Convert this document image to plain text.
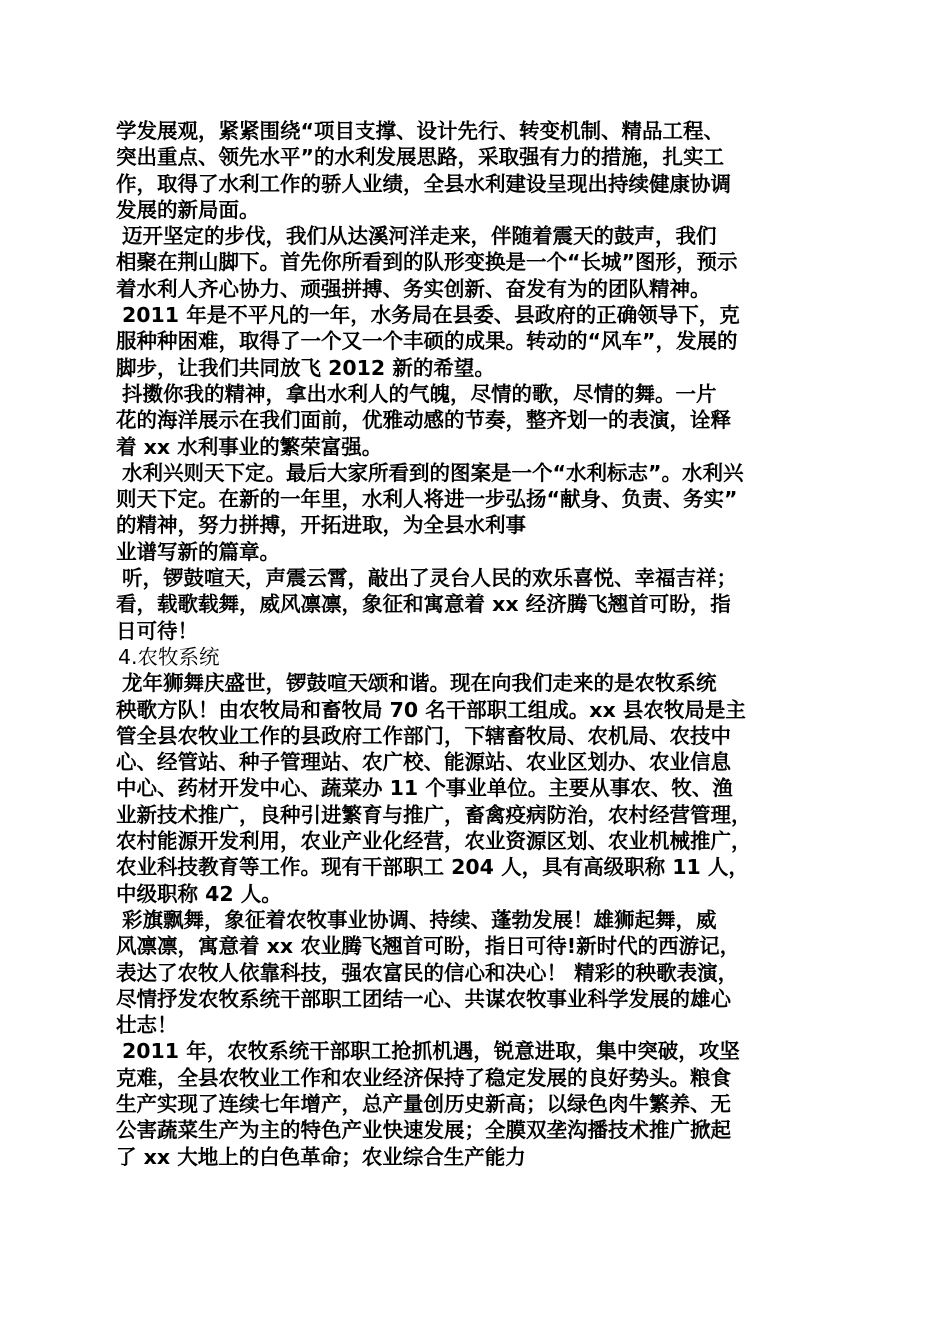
学发展观，紧紧围绕“项目支撑、设计先行、转变机制、精品工程、
突出重点、领先水平”的水利发展思路，采取强有力的措施，扎实工
作，取得了水利工作的骄人业绩，全县水利建设呈现出持续健康协调
发展的新局面。
迈开坚定的步伐，我们从达溪河洋走来，伴随着震天的鼓声，我们
相聚在荆山脚下。首先你所看到的队形变换是一个“长城”图形，预示
着水利人齐心协力、顽强拼搏、务实创新、奋发有为的团队精神。
2011 年是不平凡的一年，水务局在县委、县政府的正确领导下，克
服种种困难，取得了一个又一个丰硕的成果。转动的“风车”，发展的
脚步，让我们共同放飞 2012 新的希望。
抖擞你我的精神，拿出水利人的气魄，尽情的歌，尽情的舞。一片
花的海洋展示在我们面前，优雅动感的节奏，整齐划一的表演，诠释
着 xx 水利事业的繁荣富强。
水利兴则天下定。最后大家所看到的图案是一个“水利标志”。水利兴
则天下定。在新的一年里，水利人将进一步弘扬“献身、负责、务实”
的精神，努力拼搏，开拓进取，为全县水利事
业谱写新的篇章。
听，锣鼓喧天，声震云霄，敲出了灵台人民的欢乐喜悦、幸福吉祥；
看，载歌载舞，威风凛凛，象征和寓意着 xx 经济腾飞翘首可盼，指
日可待！
4.农牧系统
龙年狮舞庆盛世，锣鼓喧天颂和谐。现在向我们走来的是农牧系统
秧歌方队！由农牧局和畜牧局 70 名干部职工组成。xx 县农牧局是主
管全县农牧业工作的县政府工作部门，下辖畜牧局、农机局、农技中
心、经管站、种子管理站、农广校、能源站、农业区划办、农业信息
中心、药材开发中心、蔬菜办 11 个事业单位。主要从事农、牧、渔
业新技术推广，良种引进繁育与推广，畜禽疫病防治，农村经营管理，
农村能源开发利用，农业产业化经营，农业资源区划、农业机械推广，
农业科技教育等工作。现有干部职工 204 人，具有高级职称 11 人，
中级职称 42 人。
彩旗飘舞，象征着农牧事业协调、持续、蓬勃发展！雄狮起舞，威
风凛凛，寓意着 xx 农业腾飞翘首可盼，指日可待!新时代的西游记，
表达了农牧人依靠科技，强农富民的信心和决心！ 精彩的秧歌表演，
尽情抒发农牧系统干部职工团结一心、共谋农牧事业科学发展的雄心
壮志！
2011 年，农牧系统干部职工抢抓机遇，锐意进取，集中突破，攻坚
克难，全县农牧业工作和农业经济保持了稳定发展的良好势头。粮食
生产实现了连续七年增产，总产量创历史新高；以绿色肉牛繁养、无
公害蔬菜生产为主的特色产业快速发展；全膜双垄沟播技术推广掀起
了 xx 大地上的白色革命；农业综合生产能力
